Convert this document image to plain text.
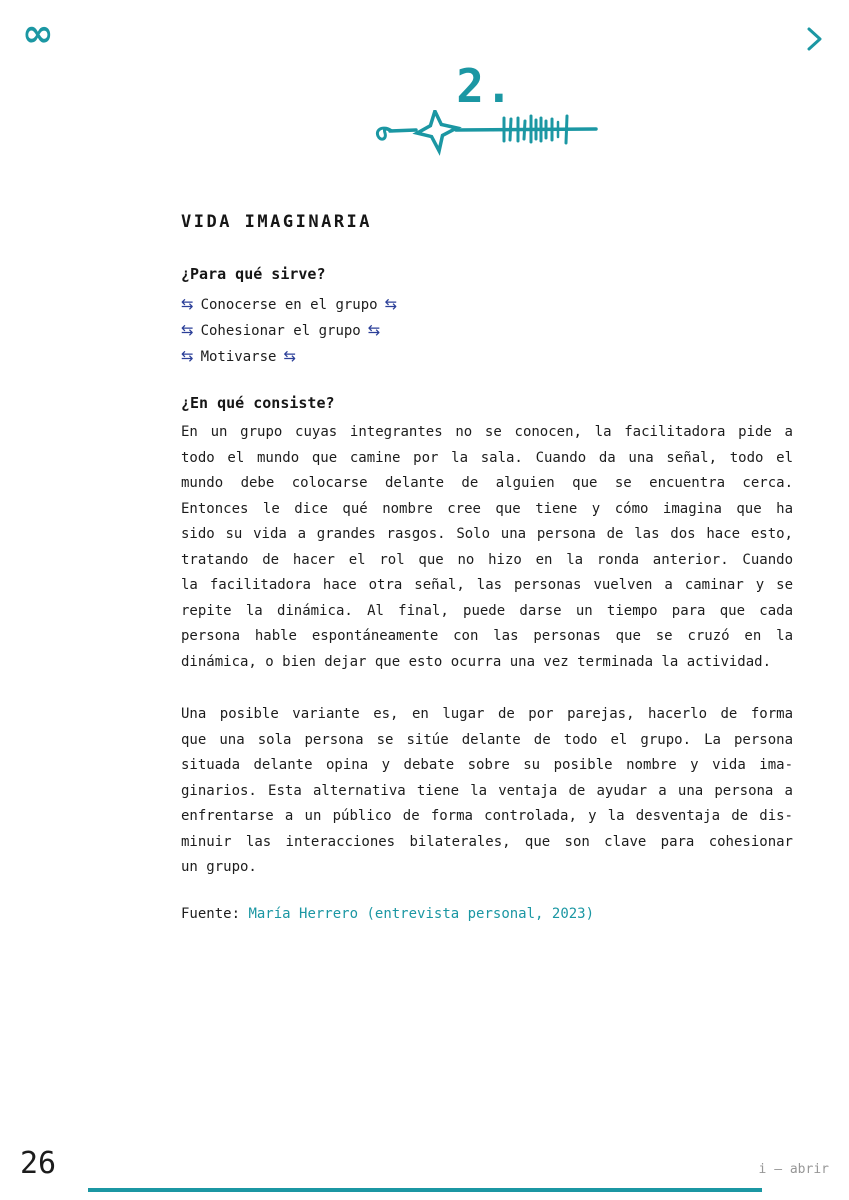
∞
2.
VIDA IMAGINARIA
¿Para qué sirve?
⇆ Conocerse en el grupo ⇆
⇆ Cohesionar el grupo ⇆
⇆ Motivarse ⇆
¿En qué consiste?
En un grupo cuyas integrantes no se conocen, la facilitadora pide a
todo el mundo que camine por la sala. Cuando da una señal, todo el
mundo debe colocarse delante de alguien que se encuentra cerca.
Entonces le dice qué nombre cree que tiene y cómo imagina que ha
sido su vida a grandes rasgos. Solo una persona de las dos hace esto,
tratando de hacer el rol que no hizo en la ronda anterior. Cuando
la facilitadora hace otra señal, las personas vuelven a caminar y se
repite la dinámica. Al final, puede darse un tiempo para que cada
persona hable espontáneamente con las personas que se cruzó en la
dinámica, o bien dejar que esto ocurra una vez terminada la actividad.
Una posible variante es, en lugar de por parejas, hacerlo de forma
que una sola persona se sitúe delante de todo el grupo. La persona
situada delante opina y debate sobre su posible nombre y vida ima-
ginarios. Esta alternativa tiene la ventaja de ayudar a una persona a
enfrentarse a un público de forma controlada, y la desventaja de dis-
minuir las interacciones bilaterales, que son clave para cohesionar
un grupo.
Fuente: María Herrero (entrevista personal, 2023)
26	i — abrir
